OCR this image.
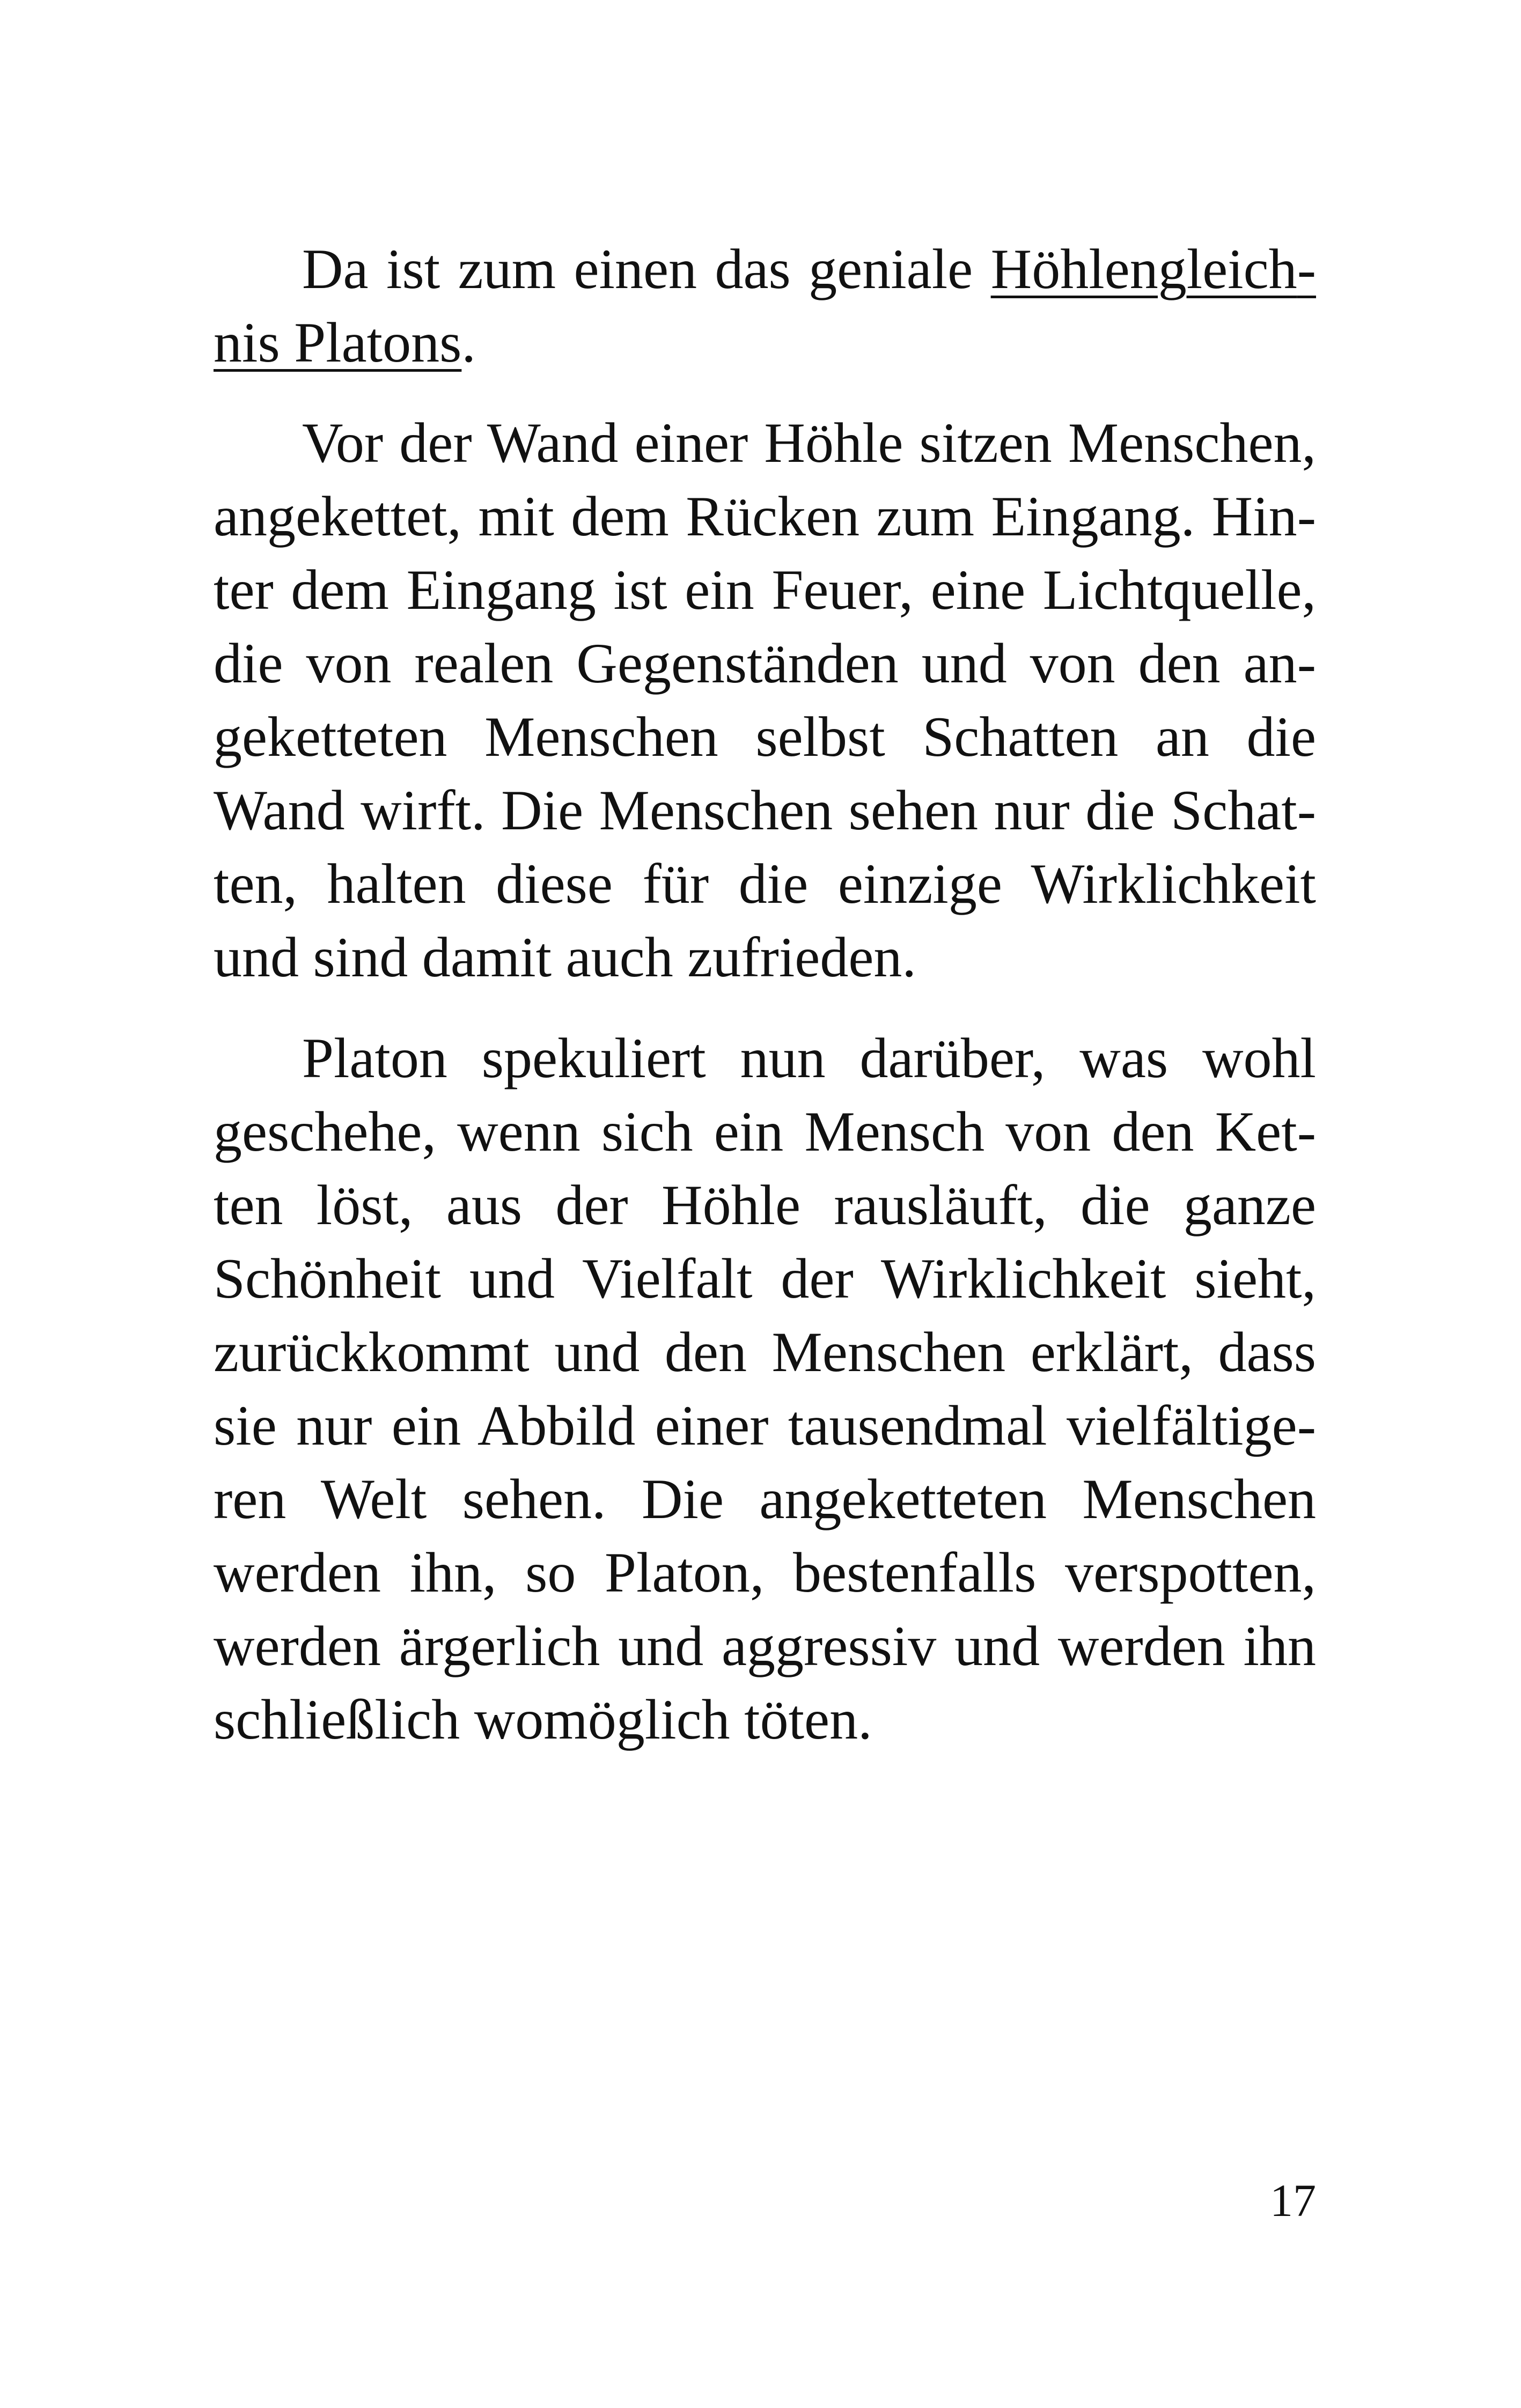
Da ist zum einen das geniale Höhlengleichnis Platons.

Vor der Wand einer Höhle sitzen Menschen, angekettet, mit dem Rücken zum Eingang. Hinter dem Eingang ist ein Feuer, eine Lichtquelle, die von realen Gegenständen und von den angeketteten Menschen selbst Schatten an die Wand wirft. Die Menschen sehen nur die Schatten, halten diese für die einzige Wirklichkeit und sind damit auch zufrieden.

Platon spekuliert nun darüber, was wohl geschehe, wenn sich ein Mensch von den Ketten löst, aus der Höhle rausläuft, die ganze Schönheit und Vielfalt der Wirklichkeit sieht, zurückkommt und den Menschen erklärt, dass sie nur ein Abbild einer tausendmal vielfältigeren Welt sehen. Die angeketteten Menschen werden ihn, so Platon, bestenfalls verspotten, werden ärgerlich und aggressiv und werden ihn schließlich womöglich töten.

17
